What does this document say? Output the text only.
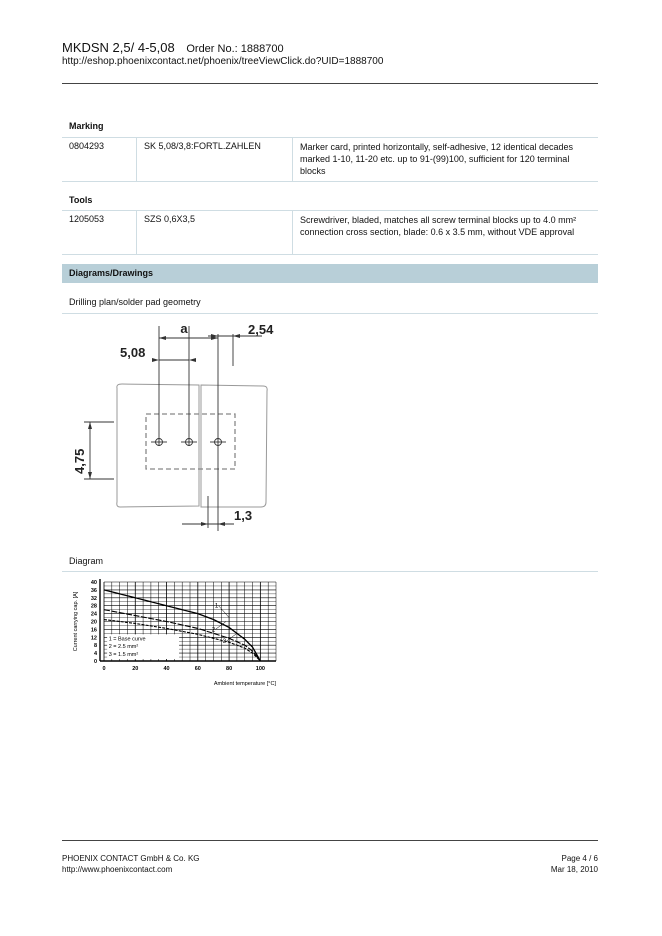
MKDSN 2,5/ 4-5,08 Order No.: 1888700
http://eshop.phoenixcontact.net/phoenix/treeViewClick.do?UID=1888700
Marking
0804293	SK 5,08/3,8:FORTL.ZAHLEN	Marker card, printed horizontally, self-adhesive, 12 identical decades marked 1-10, 11-20 etc. up to 91-(99)100, sufficient for 120 terminal blocks
Tools
1205053	SZS 0,6X3,5	Screwdriver, bladed, matches all screw terminal blocks up to 4.0 mm² connection cross section, blade: 0.6 x 3.5 mm, without VDE approval
Diagrams/Drawings
Drilling plan/solder pad geometry
a	2,54
5,08
1,3
4,75
Diagram
0
4
8
12
16
20
24
28
32
36
40
0	20	40	60	80	100
Ambient temperature [°C]
Current carrying cap. [A]	1
2
3
1 = Base curve
2 = 2.5 mm²
3 = 1.5 mm²
PHOENIX CONTACT GmbH & Co. KG
http://www.phoenixcontact.com
Page 4 / 6
Mar 18, 2010
